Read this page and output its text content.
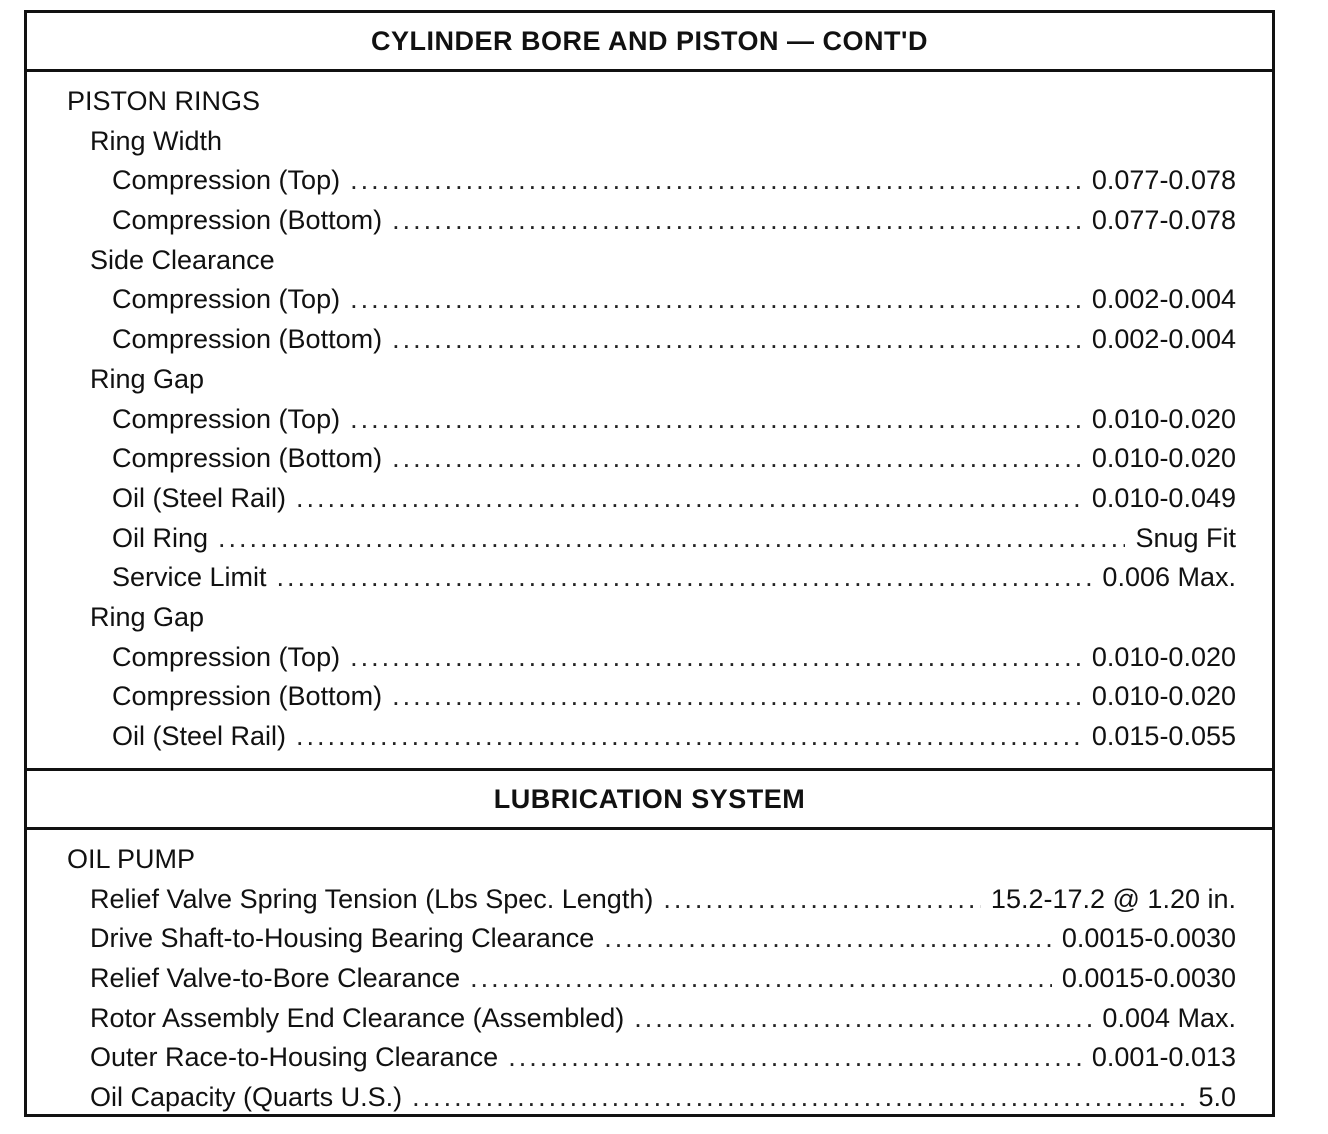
CYLINDER BORE AND PISTON — CONT'D
PISTON RINGS
Ring Width
Compression (Top) .....	0.077-0.078
Compression (Bottom) .....	0.077-0.078
Side Clearance
Compression (Top) .....	0.002-0.004
Compression (Bottom) .....	0.002-0.004
Ring Gap
Compression (Top) .....	0.010-0.020
Compression (Bottom) .....	0.010-0.020
Oil (Steel Rail) .....	0.010-0.049
Oil Ring .....	Snug Fit
Service Limit .....	0.006 Max.
Ring Gap
Compression (Top) .....	0.010-0.020
Compression (Bottom) .....	0.010-0.020
Oil (Steel Rail) .....	0.015-0.055
LUBRICATION SYSTEM
OIL PUMP
Relief Valve Spring Tension (Lbs Spec. Length) .....	15.2-17.2 @ 1.20 in.
Drive Shaft-to-Housing Bearing Clearance .....	0.0015-0.0030
Relief Valve-to-Bore Clearance .....	0.0015-0.0030
Rotor Assembly End Clearance (Assembled) .....	0.004 Max.
Outer Race-to-Housing Clearance .....	0.001-0.013
Oil Capacity (Quarts U.S.) .....	5.0
